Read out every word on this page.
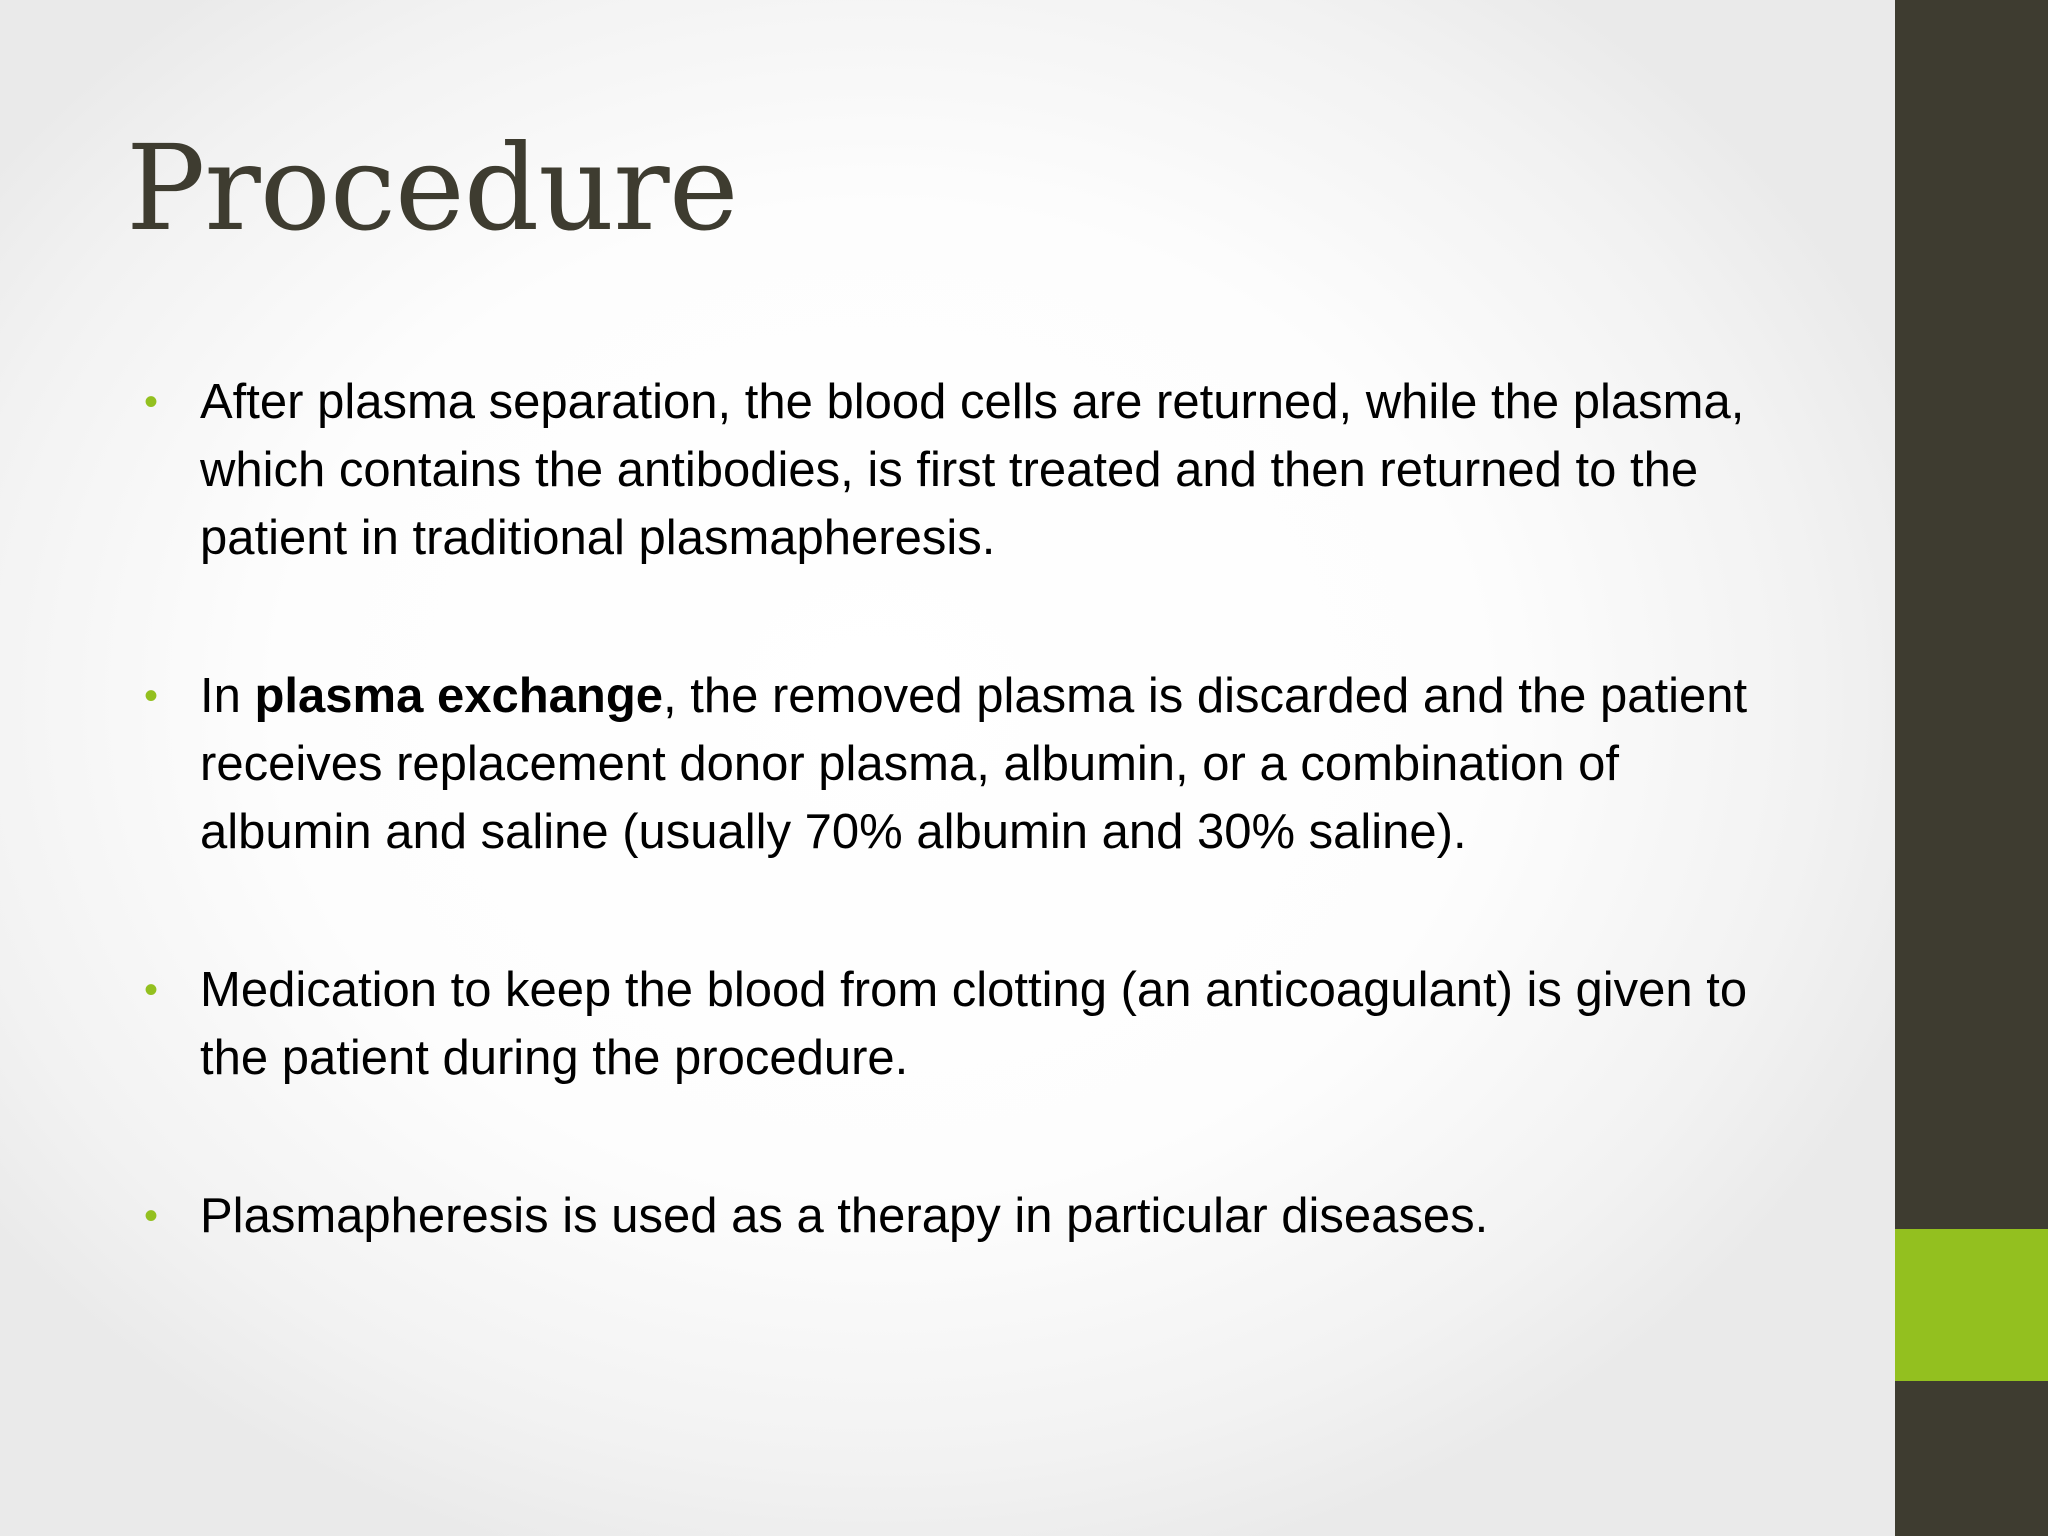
Procedure
• After plasma separation, the blood cells are returned, while the plasma, which contains the antibodies, is first treated and then returned to the patient in traditional plasmapheresis.
• In plasma exchange, the removed plasma is discarded and the patient receives replacement donor plasma, albumin, or a combination of albumin and saline (usually 70% albumin and 30% saline).
• Medication to keep the blood from clotting (an anticoagulant) is given to the patient during the procedure.
• Plasmapheresis is used as a therapy in particular diseases.
